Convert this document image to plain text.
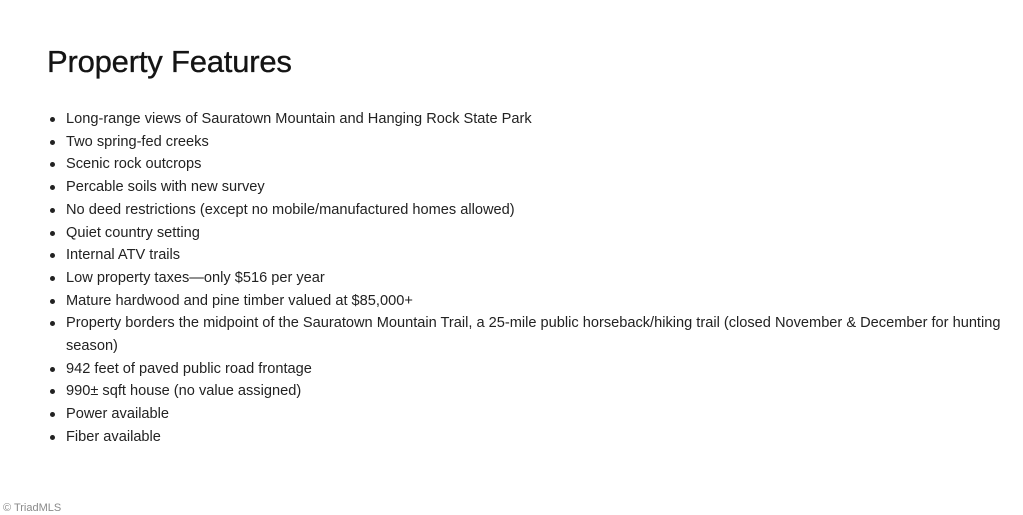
Property Features
Long-range views of Sauratown Mountain and Hanging Rock State Park
Two spring-fed creeks
Scenic rock outcrops
Percable soils with new survey
No deed restrictions (except no mobile/manufactured homes allowed)
Quiet country setting
Internal ATV trails
Low property taxes—only $516 per year
Mature hardwood and pine timber valued at $85,000+
Property borders the midpoint of the Sauratown Mountain Trail, a 25-mile public horseback/hiking trail (closed November & December for hunting season)
942 feet of paved public road frontage
990± sqft house (no value assigned)
Power available
Fiber available
© TriadMLS
